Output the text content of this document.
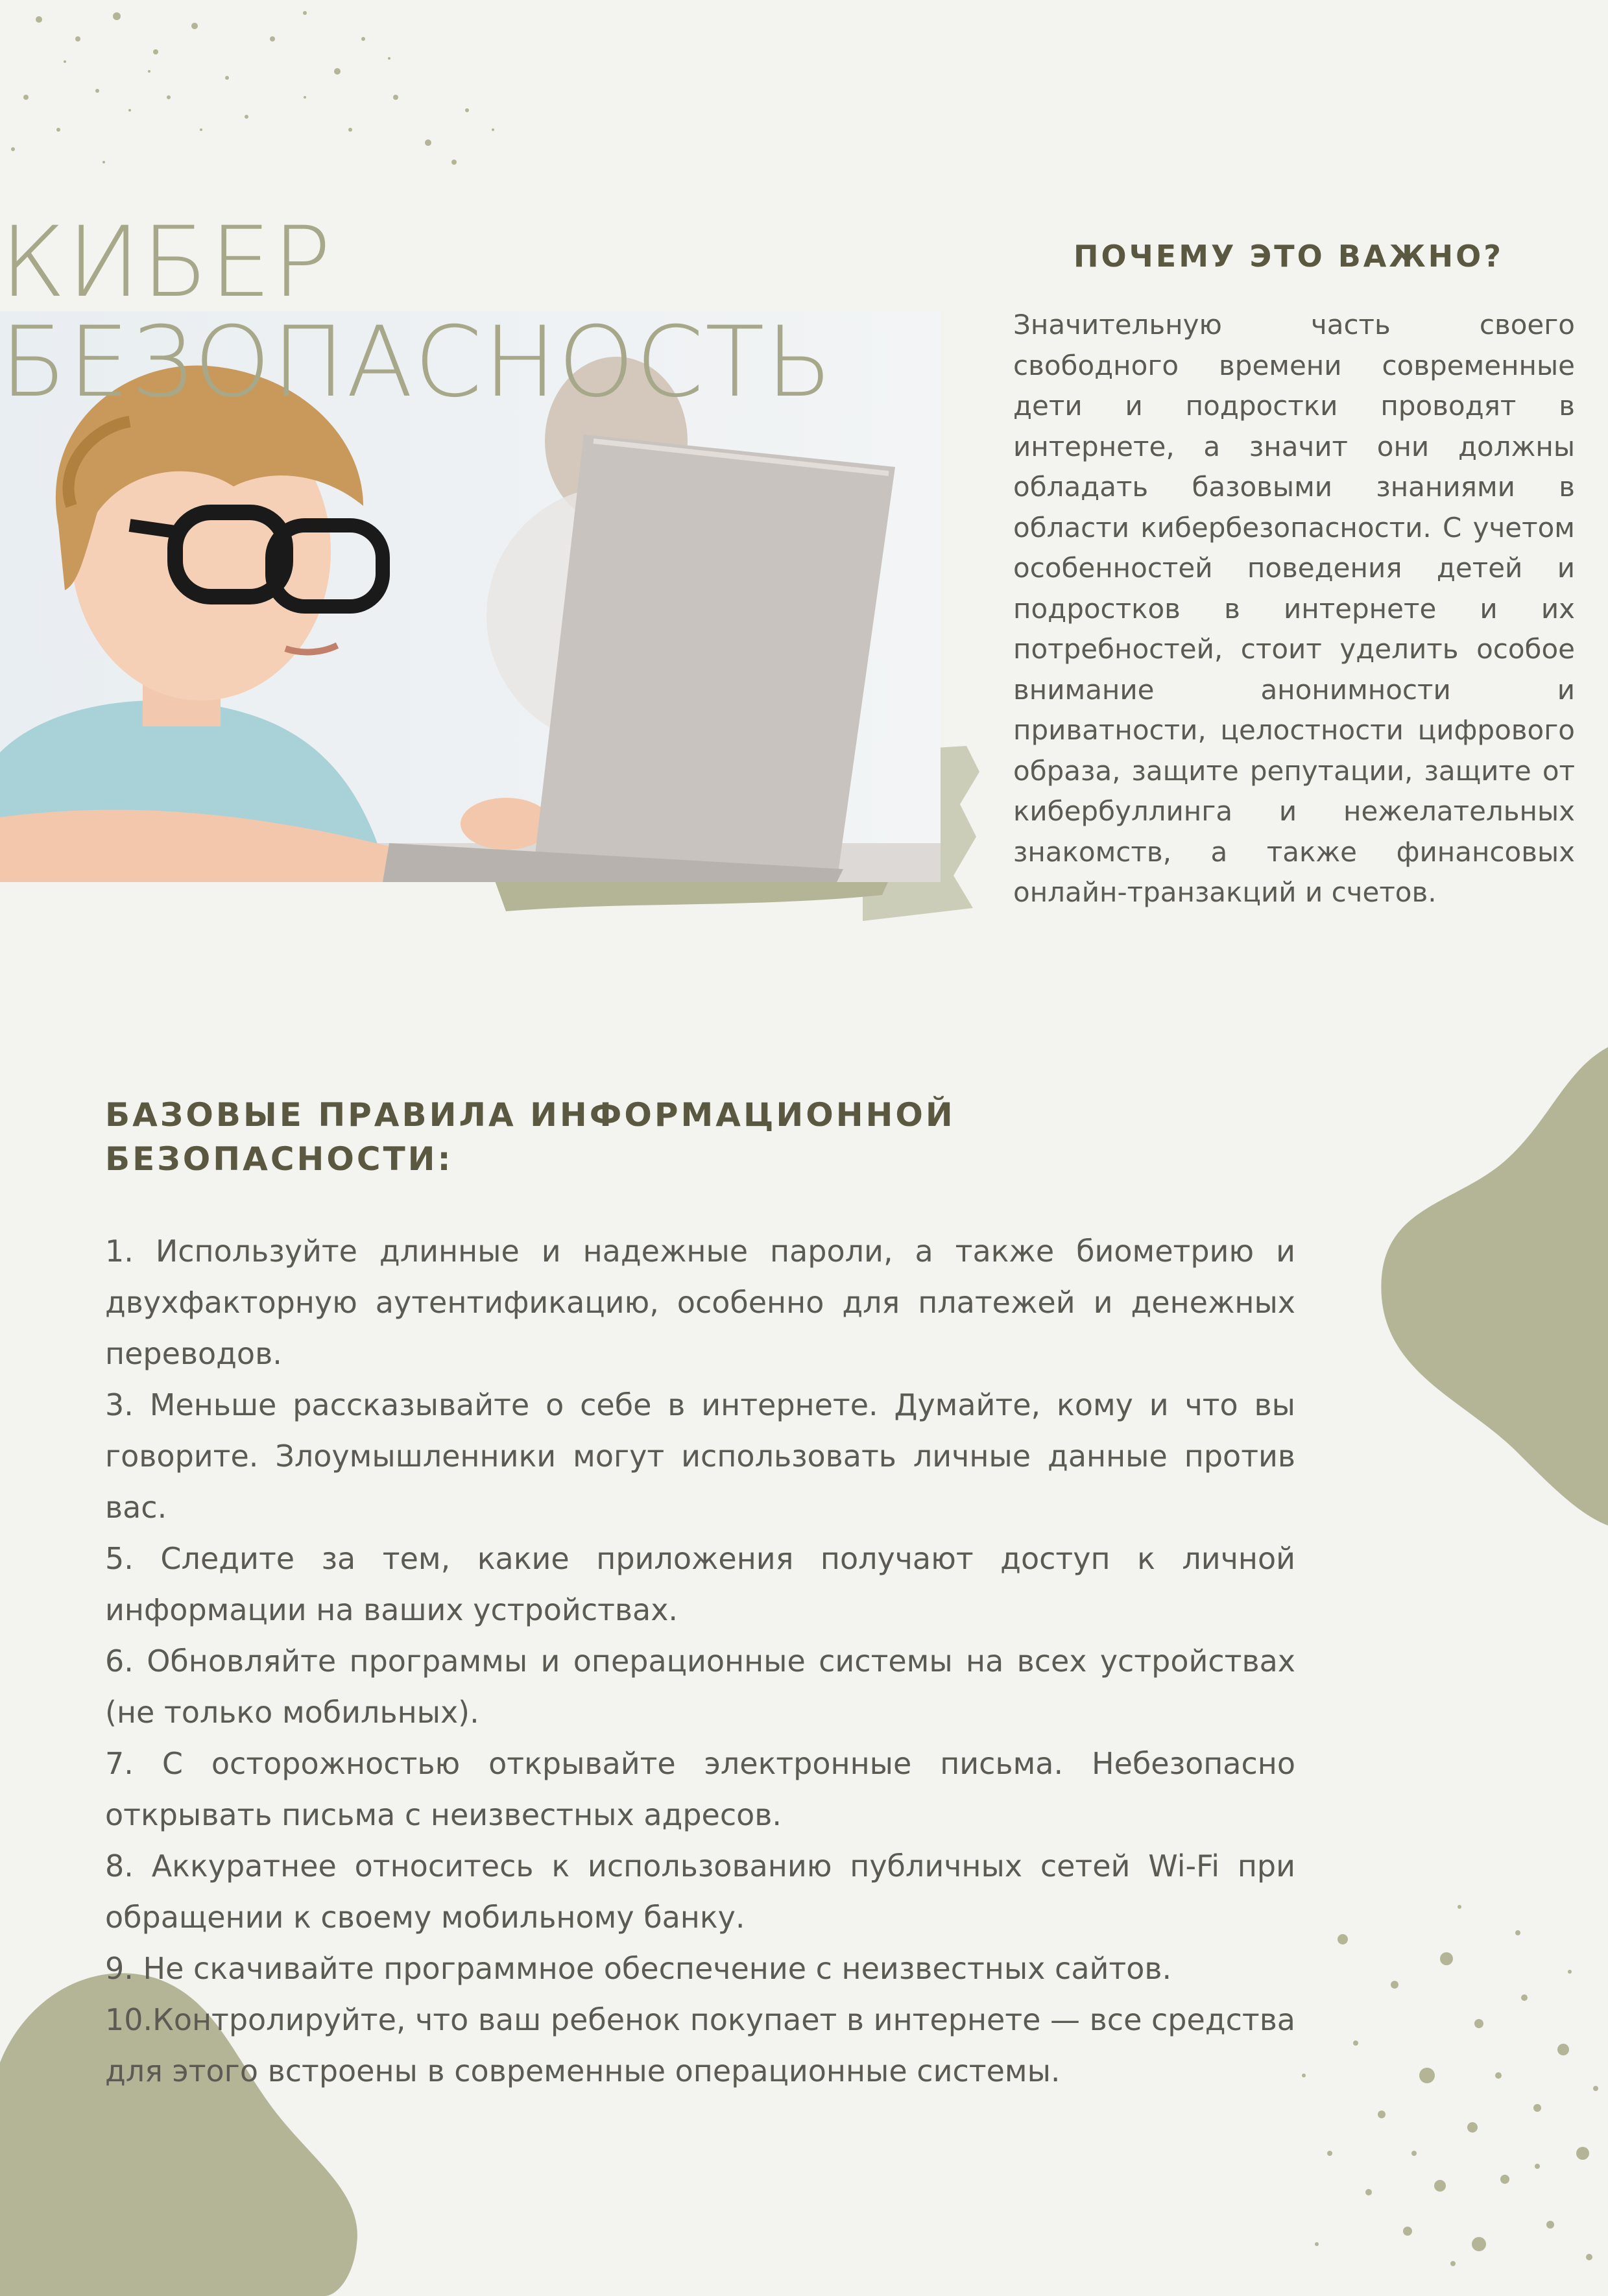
КИБЕР
БЕЗОПАСНОСТЬ
ПОЧЕМУ ЭТО ВАЖНО?
Значительную часть своего свободного времени современные дети и подростки проводят в интернете, а значит они должны обладать базовыми знаниями в области кибербезопасности. С учетом особенностей поведения детей и подростков в интернете и их потребностей, стоит уделить особое внимание анонимности и приватности, целостности цифрового образа, защите репутации, защите от кибербуллинга и нежелательных знакомств, а также финансовых онлайн-транзакций и счетов.
БАЗОВЫЕ ПРАВИЛА ИНФОРМАЦИОННОЙ
БЕЗОПАСНОСТИ:
1. Используйте длинные и надежные пароли, а также биометрию и двухфакторную аутентификацию, особенно для платежей и денежных переводов.
3. Меньше рассказывайте о себе в интернете. Думайте, кому и что вы говорите. Злоумышленники могут использовать личные данные против вас.
5. Следите за тем, какие приложения получают доступ к личной информации на ваших устройствах.
6. Обновляйте программы и операционные системы на всех устройствах (не только мобильных).
7. С осторожностью открывайте электронные письма. Небезопасно открывать письма с неизвестных адресов.
8. Аккуратнее относитесь к использованию публичных сетей Wi-Fi при обращении к своему мобильному банку.
9. Не скачивайте программное обеспечение с неизвестных сайтов.
10.Контролируйте, что ваш ребенок покупает в интернете — все средства для этого встроены в современные операционные системы.
